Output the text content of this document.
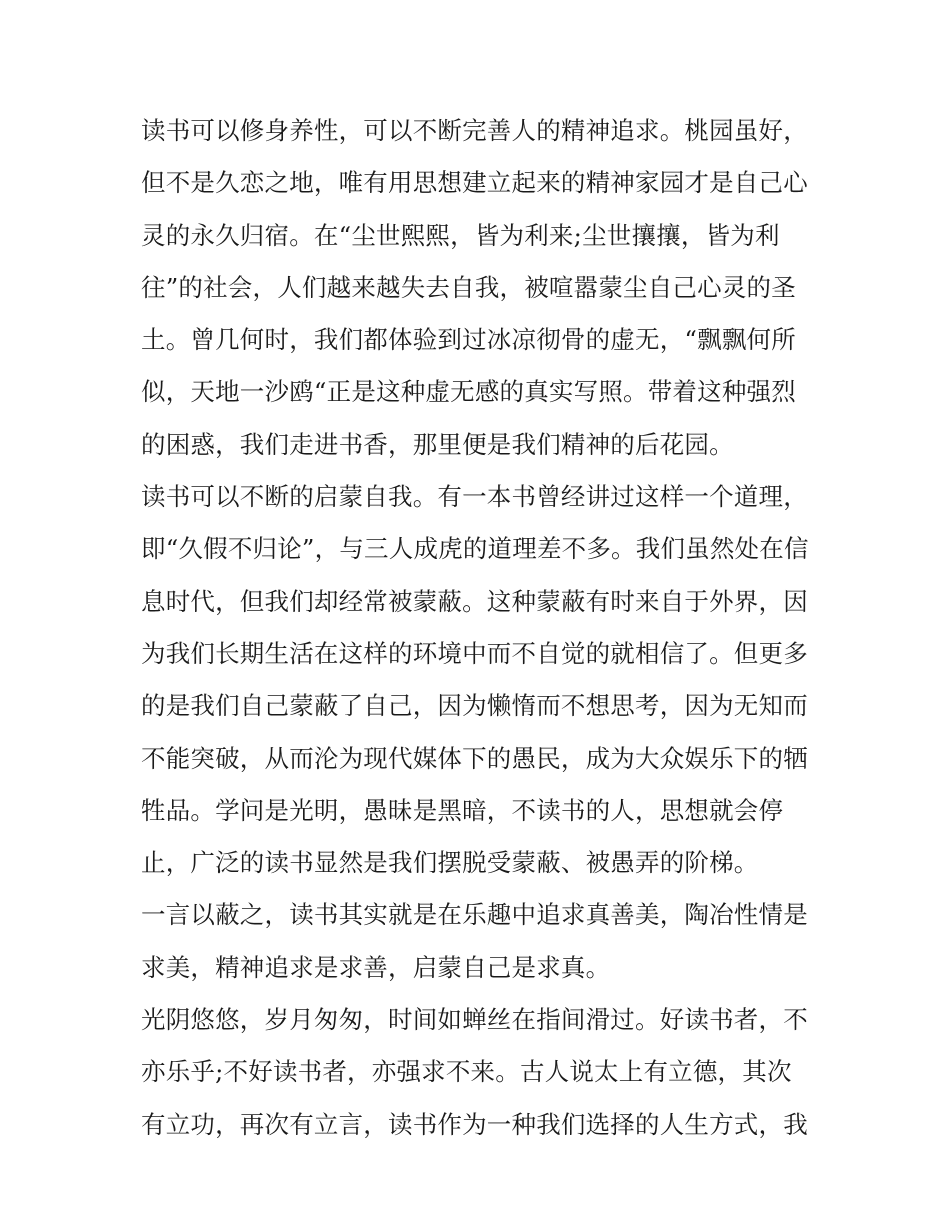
读书可以修身养性，可以不断完善人的精神追求。桃园虽好，
但不是久恋之地，唯有用思想建立起来的精神家园才是自己心
灵的永久归宿。在“尘世熙熙，皆为利来;尘世攘攘，皆为利
往”的社会，人们越来越失去自我，被喧嚣蒙尘自己心灵的圣
土。曾几何时，我们都体验到过冰凉彻骨的虚无，“飘飘何所
似，天地一沙鸥“正是这种虚无感的真实写照。带着这种强烈
的困惑，我们走进书香，那里便是我们精神的后花园。
读书可以不断的启蒙自我。有一本书曾经讲过这样一个道理，
即“久假不归论”，与三人成虎的道理差不多。我们虽然处在信
息时代，但我们却经常被蒙蔽。这种蒙蔽有时来自于外界，因
为我们长期生活在这样的环境中而不自觉的就相信了。但更多
的是我们自己蒙蔽了自己，因为懒惰而不想思考，因为无知而
不能突破，从而沦为现代媒体下的愚民，成为大众娱乐下的牺
牲品。学问是光明，愚昧是黑暗，不读书的人，思想就会停
止，广泛的读书显然是我们摆脱受蒙蔽、被愚弄的阶梯。
一言以蔽之，读书其实就是在乐趣中追求真善美，陶冶性情是
求美，精神追求是求善，启蒙自己是求真。
光阴悠悠，岁月匆匆，时间如蝉丝在指间滑过。好读书者，不
亦乐乎;不好读书者，亦强求不来。古人说太上有立德，其次
有立功，再次有立言，读书作为一种我们选择的人生方式，我
